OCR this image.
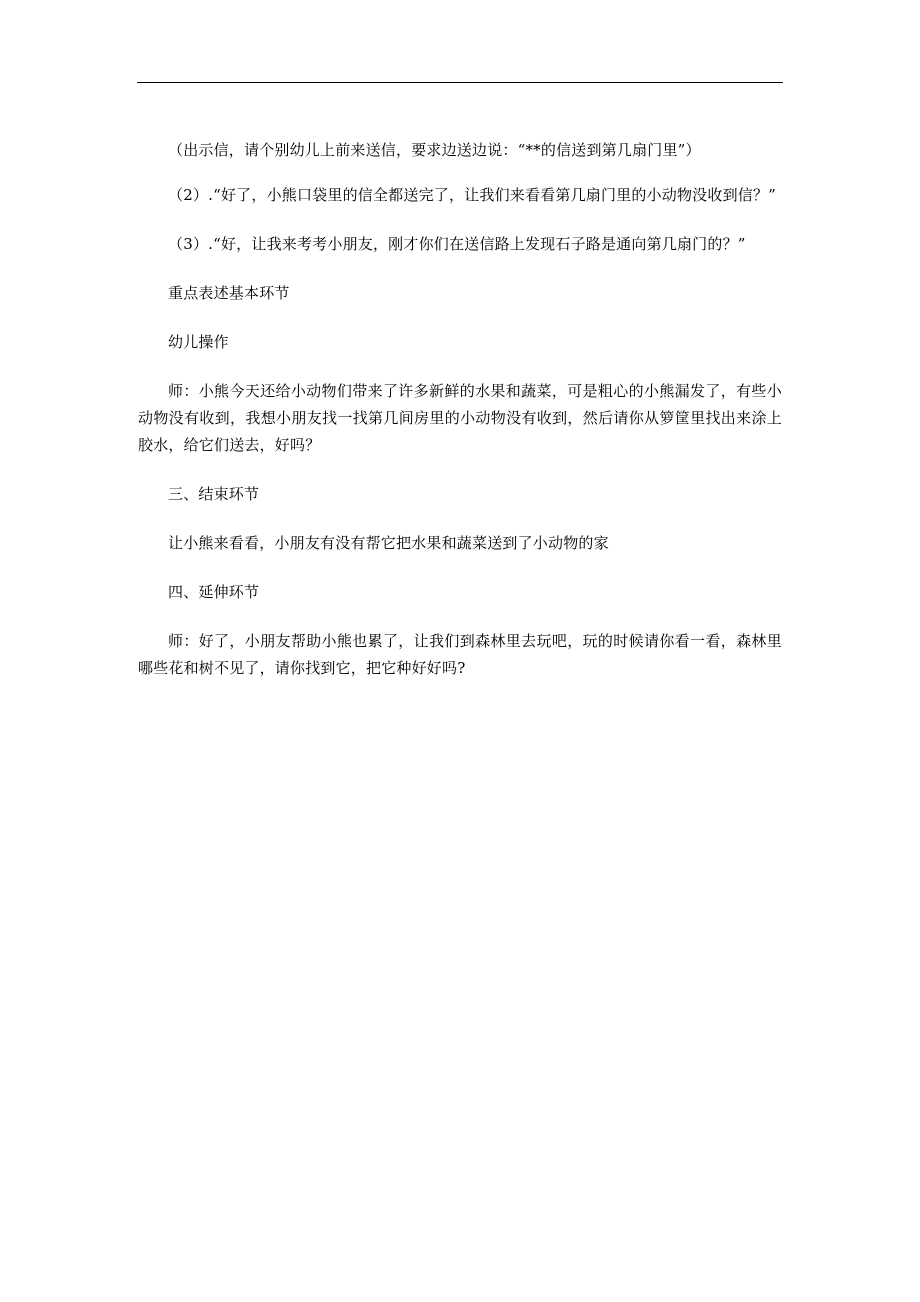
（出示信，请个别幼儿上前来送信，要求边送边说：“**的信送到第几扇门里”）

（2）.“好了，小熊口袋里的信全都送完了，让我们来看看第几扇门里的小动物没收到信？”

（3）.“好，让我来考考小朋友，刚才你们在送信路上发现石子路是通向第几扇门的？”

重点表述基本环节

幼儿操作

师：小熊今天还给小动物们带来了许多新鲜的水果和蔬菜，可是粗心的小熊漏发了，有些小动物没有收到，我想小朋友找一找第几间房里的小动物没有收到，然后请你从箩筐里找出来涂上胶水，给它们送去，好吗？

三、结束环节

让小熊来看看，小朋友有没有帮它把水果和蔬菜送到了小动物的家

四、延伸环节

师：好了，小朋友帮助小熊也累了，让我们到森林里去玩吧，玩的时候请你看一看，森林里哪些花和树不见了，请你找到它，把它种好好吗?
